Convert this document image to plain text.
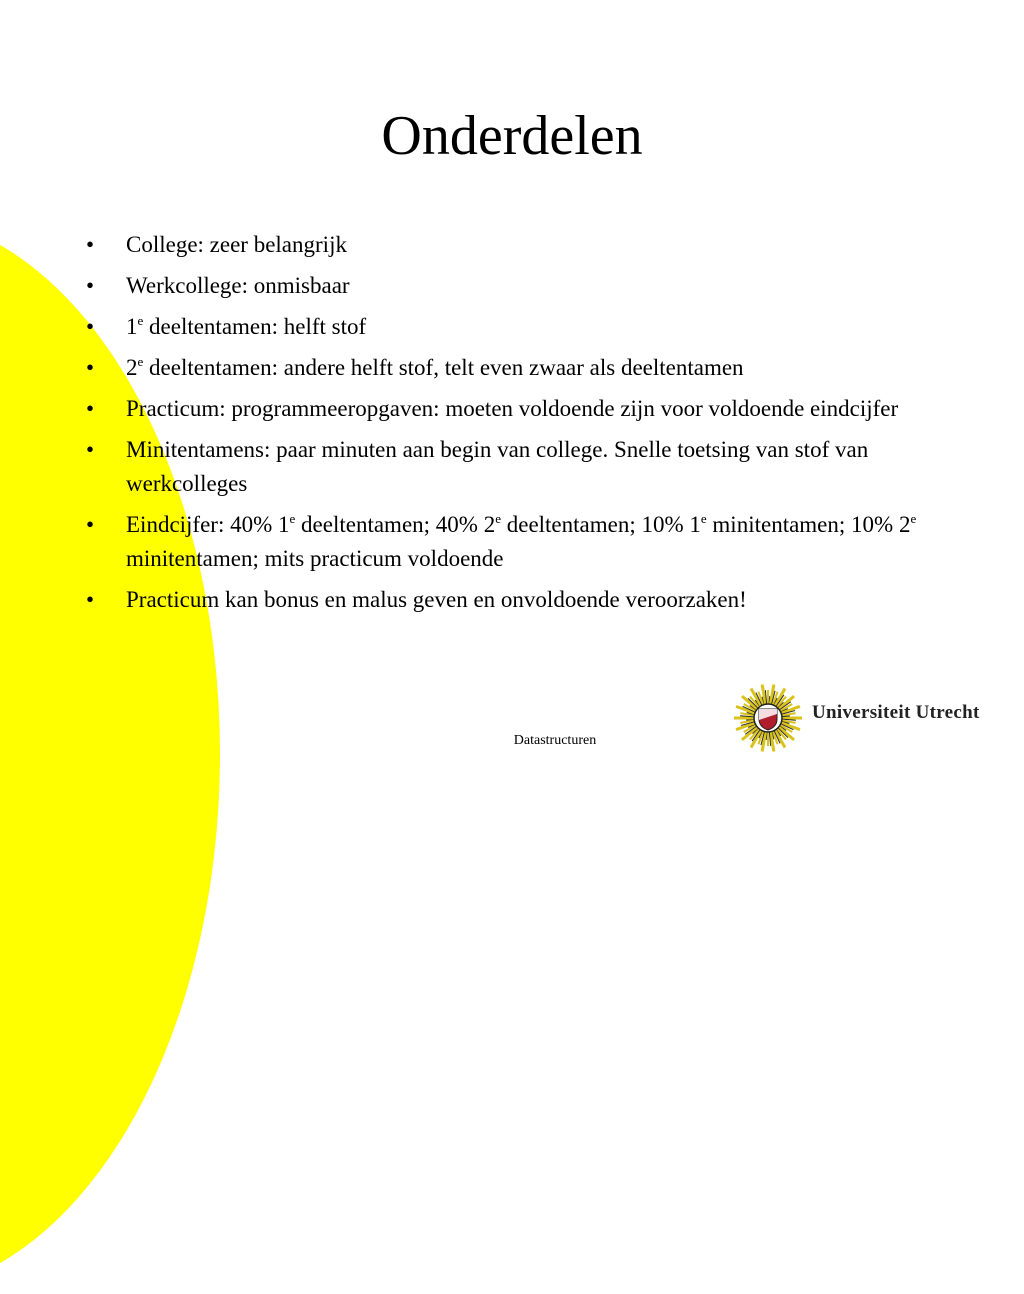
Onderdelen
• College: zeer belangrijk
• Werkcollege: onmisbaar
• 1e deeltentamen: helft stof
• 2e deeltentamen: andere helft stof, telt even zwaar als deeltentamen
• Practicum: programmeeropgaven: moeten voldoende zijn voor voldoende eindcijfer
• Minitentamens: paar minuten aan begin van college. Snelle toetsing van stof van werkcolleges
• Eindcijfer: 40% 1e deeltentamen; 40% 2e deeltentamen; 10% 1e minitentamen; 10% 2e minitentamen; mits practicum voldoende
• Practicum kan bonus en malus geven en onvoldoende veroorzaken!
Datastructuren
Universiteit Utrecht
